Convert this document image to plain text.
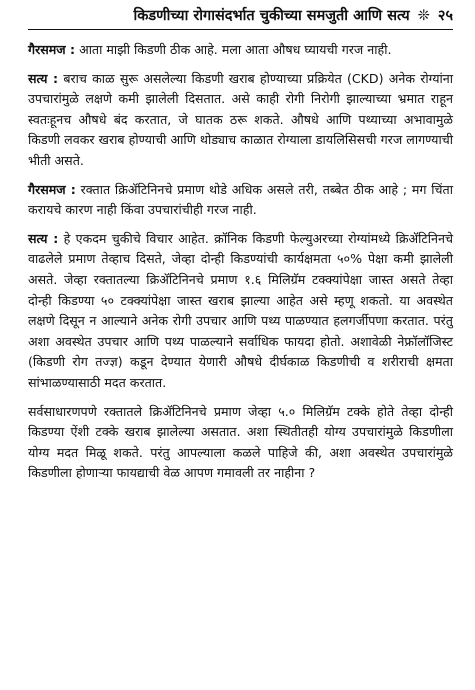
किडणीच्या रोगासंदर्भात चुकीच्या समजुती आणि सत्य ❊ २५

गैरसमज : आता माझी किडणी ठीक आहे. मला आता औषध घ्यायची गरज नाही.

सत्य : बराच काळ सुरू असलेल्या किडणी खराब होण्याच्या प्रक्रियेत (CKD) अनेक रोग्यांना उपचारांमुळे लक्षणे कमी झालेली दिसतात. असे काही रोगी निरोगी झाल्याच्या भ्रमात राहून स्वतःहूनच औषधे बंद करतात, जे घातक ठरू शकते. औषधे आणि पथ्याच्या अभावामुळे किडणी लवकर खराब होण्याची आणि थोड्याच काळात रोग्याला डायलिसिसची गरज लागण्याची भीती असते.

गैरसमज : रक्तात क्रिॲटिनिनचे प्रमाण थोडे अधिक असले तरी, तब्बेत ठीक आहे ; मग चिंता करायचे कारण नाही किंवा उपचारांचीही गरज नाही.

सत्य : हे एकदम चुकीचे विचार आहेत. क्रॉनिक किडणी फेल्युअरच्या रोग्यांमध्ये क्रिॲटिनिनचे वाढलेले प्रमाण तेव्हाच दिसते, जेव्हा दोन्ही किडण्यांची कार्यक्षमता ५०% पेक्षा कमी झालेली असते. जेव्हा रक्तातल्या क्रिॲटिनिनचे प्रमाण १.६ मिलिग्रॅम टक्क्यांपेक्षा जास्त असते तेव्हा दोन्ही किडण्या ५० टक्क्यांपेक्षा जास्त खराब झाल्या आहेत असे म्हणू शकतो. या अवस्थेत लक्षणे दिसून न आल्याने अनेक रोगी उपचार आणि पथ्य पाळण्यात हलगर्जीपणा करतात. परंतु अशा अवस्थेत उपचार आणि पथ्य पाळल्याने सर्वाधिक फायदा होतो. अशावेळी नेफ्रॉलॉजिस्ट (किडणी रोग तज्ज्ञ) कडून देण्यात येणारी औषधे दीर्घकाळ किडणीची व शरीराची क्षमता सांभाळण्यासाठी मदत करतात.

सर्वसाधारणपणे रक्तातले क्रिॲटिनिनचे प्रमाण जेव्हा ५.० मिलिग्रॅम टक्के होते तेव्हा दोन्ही किडण्या ऐंशी टक्के खराब झालेल्या असतात. अशा स्थितीतही योग्य उपचारांमुळे किडणीला योग्य मदत मिळू शकते. परंतु आपल्याला कळले पाहिजे की, अशा अवस्थेत उपचारांमुळे किडणीला होणाऱ्या फायद्याची वेळ आपण गमावली तर नाहीना ?
